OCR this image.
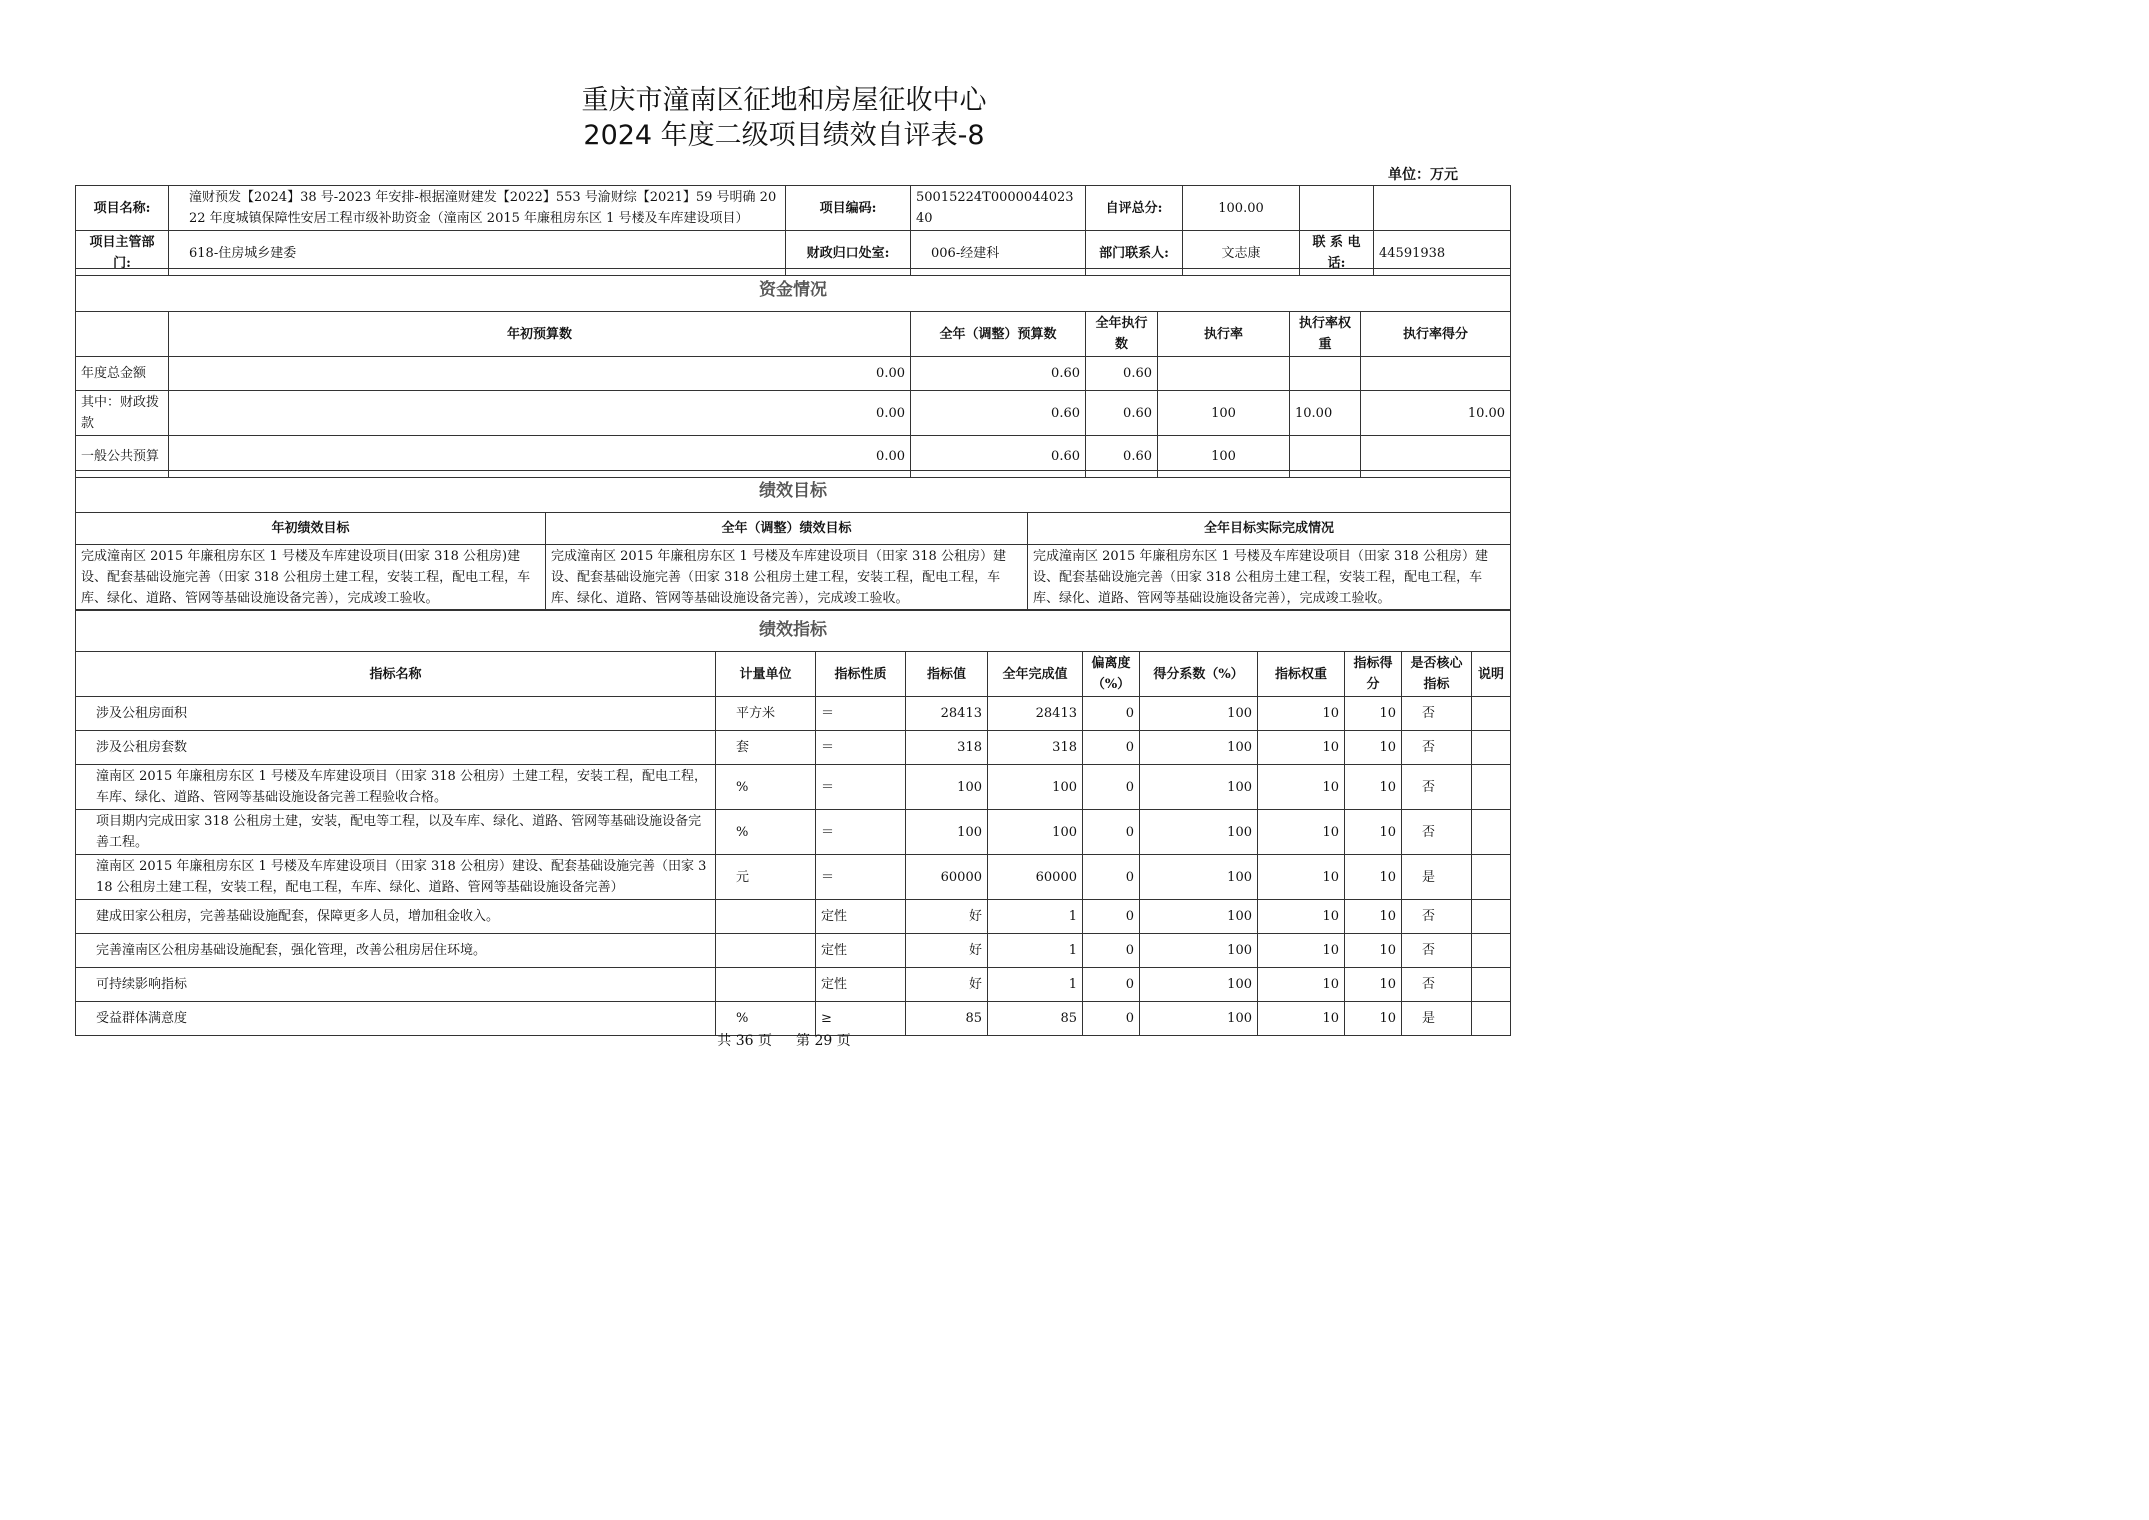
重庆市潼南区征地和房屋征收中心
2024 年度二级项目绩效自评表-8
单位：万元
项目名称:	潼财预发【2024】38 号-2023 年安排-根据潼财建发【2022】553 号渝财综【2021】59 号明确 2022 年度城镇保障性安居工程市级补助资金（潼南区 2015 年廉租房东区 1 号楼及车库建设项目）	项目编码:	50015224T000004402340	自评总分:	100.00		
项目主管部门:	618-住房城乡建委	财政归口处室:	006-经建科	部门联系人:	文志康	联 系 电话:	44591938
资金情况						
	年初预算数	全年（调整）预算数	全年执行数	执行率	执行率权重	执行率得分
年度总金额	0.00	0.60	0.60			
其中：财政拨款	0.00	0.60	0.60	100	10.00	10.00
一般公共预算	0.00	0.60	0.60	100		
绩效目标		
年初绩效目标	全年（调整）绩效目标	全年目标实际完成情况
完成潼南区 2015 年廉租房东区 1 号楼及车库建设项目(田家 318 公租房)建设、配套基础设施完善（田家 318 公租房土建工程，安装工程，配电工程，车库、绿化、道路、管网等基础设施设备完善），完成竣工验收。	完成潼南区 2015 年廉租房东区 1 号楼及车库建设项目（田家 318 公租房）建设、配套基础设施完善（田家 318 公租房土建工程，安装工程，配电工程，车库、绿化、道路、管网等基础设施设备完善），完成竣工验收。	完成潼南区 2015 年廉租房东区 1 号楼及车库建设项目（田家 318 公租房）建设、配套基础设施完善（田家 318 公租房土建工程，安装工程，配电工程，车库、绿化、道路、管网等基础设施设备完善），完成竣工验收。
绩效指标										
指标名称	计量单位	指标性质	指标值	全年完成值	偏离度（%）	得分系数（%）	指标权重	指标得分	是否核心指标	说明
涉及公租房面积	平方米	＝	28413	28413	0	100	10	10	否	
涉及公租房套数	套	＝	318	318	0	100	10	10	否	
潼南区 2015 年廉租房东区 1 号楼及车库建设项目（田家 318 公租房）土建工程，安装工程，配电工程，车库、绿化、道路、管网等基础设施设备完善工程验收合格。	%	＝	100	100	0	100	10	10	否	
项目期内完成田家 318 公租房土建，安装，配电等工程，以及车库、绿化、道路、管网等基础设施设备完善工程。	%	＝	100	100	0	100	10	10	否	
潼南区 2015 年廉租房东区 1 号楼及车库建设项目（田家 318 公租房）建设、配套基础设施完善（田家 318 公租房土建工程，安装工程，配电工程，车库、绿化、道路、管网等基础设施设备完善）	元	＝	60000	60000	0	100	10	10	是	
建成田家公租房，完善基础设施配套，保障更多人员，增加租金收入。		定性	好	1	0	100	10	10	否	
完善潼南区公租房基础设施配套，强化管理，改善公租房居住环境。		定性	好	1	0	100	10	10	否	
可持续影响指标		定性	好	1	0	100	10	10	否	
受益群体满意度	%	≥	85	85	0	100	10	10	是	
共 36 页 第 29 页
